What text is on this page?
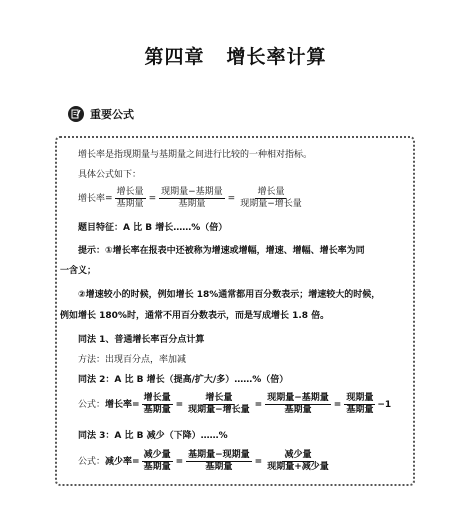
第四章 增长率计算
重要公式
增长率是指现期量与基期量之间进行比较的一种相对指标。
具体公式如下：
增长率= $\frac{\text{增长量}}{\text{基期量}} = \frac{\text{现期量−基期量}}{\text{基期量}} = \frac{\text{增长量}}{\text{现期量−增长量}}$
题目特征：A 比 B 增长……%（倍）
提示：①增长率在报表中还被称为增速或增幅，增速、增幅、增长率为同
一含义；
②增速较小的时候，例如增长 18%通常都用百分数表示；增速较大的时候，
例如增长 180%时，通常不用百分数表示，而是写成增长 1.8 倍。
同法 1、普通增长率百分点计算
方法：出现百分点，率加减
同法 2：A 比 B 增长（提高/扩大/多）……%（倍）
公式： 增长率= $\frac{\text{增长量}}{\text{基期量}} = \frac{\text{增长量}}{\text{现期量−增长量}} = \frac{\text{现期量−基期量}}{\text{基期量}} = \frac{\text{现期量}}{\text{基期量}} -1$
同法 3：A 比 B 减少（下降）……%
公式： 减少率= $\frac{\text{减少量}}{\text{基期量}} = \frac{\text{基期量−现期量}}{\text{基期量}} = \frac{\text{减少量}}{\text{现期量+减少量}}$
